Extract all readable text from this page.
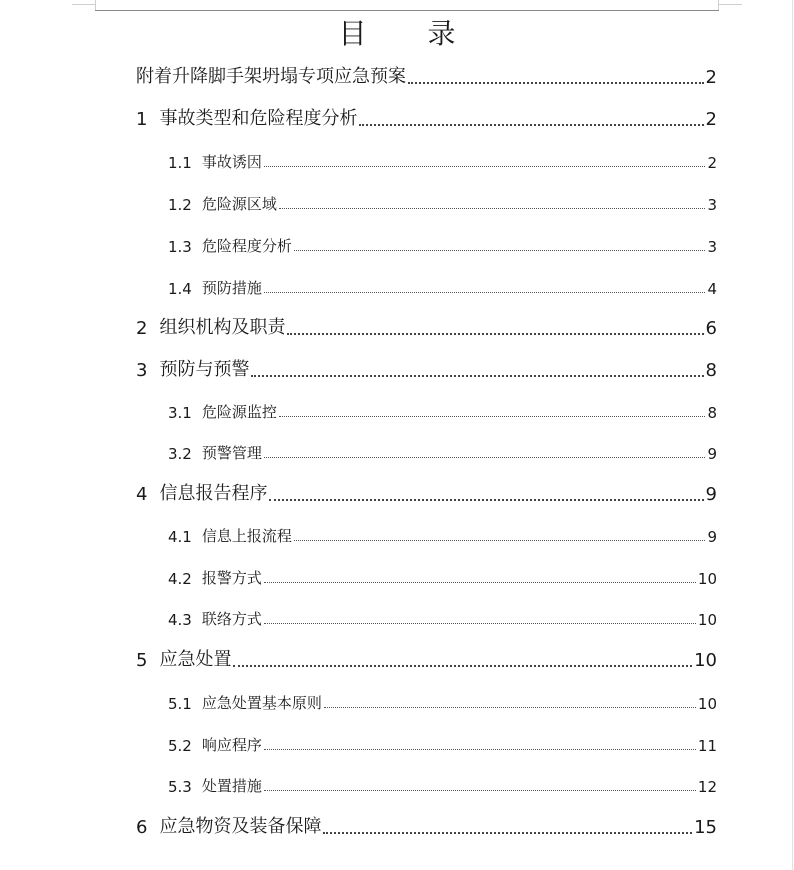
目 录
附着升降脚手架坍塌专项应急预案	2
1 事故类型和危险程度分析	2
1.1 事故诱因	2
1.2 危险源区域	3
1.3 危险程度分析	3
1.4 预防措施	4
2 组织机构及职责	6
3 预防与预警	8
3.1 危险源监控	8
3.2 预警管理	9
4 信息报告程序	9
4.1 信息上报流程	9
4.2 报警方式	10
4.3 联络方式	10
5 应急处置	10
5.1 应急处置基本原则	10
5.2 响应程序	11
5.3 处置措施	12
6 应急物资及装备保障	15
